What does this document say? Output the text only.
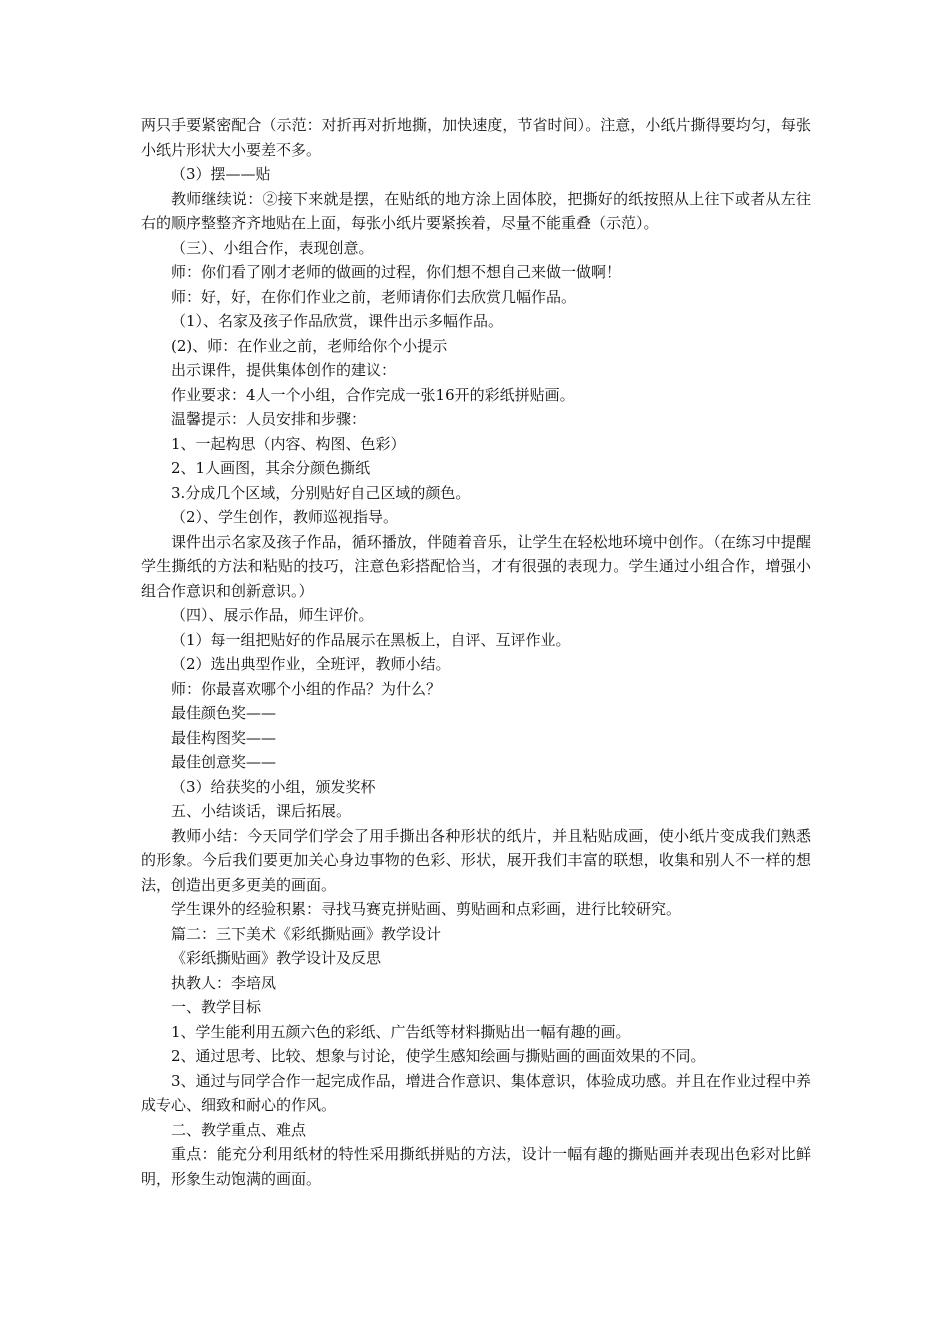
两只手要紧密配合（示范：对折再对折地撕，加快速度，节省时间）。注意，小纸片撕得要均匀，每张小纸片形状大小要差不多。

（3）摆——贴

教师继续说：②接下来就是摆，在贴纸的地方涂上固体胶，把撕好的纸按照从上往下或者从左往右的顺序整整齐齐地贴在上面，每张小纸片要紧挨着，尽量不能重叠（示范）。

（三）、小组合作，表现创意。

师：你们看了刚才老师的做画的过程，你们想不想自己来做一做啊！

师：好，好，在你们作业之前，老师请你们去欣赏几幅作品。

（1）、名家及孩子作品欣赏，课件出示多幅作品。

(2)、师：在作业之前，老师给你个小提示

出示课件，提供集体创作的建议：

作业要求：4人一个小组，合作完成一张16开的彩纸拼贴画。

温馨提示：人员安排和步骤：

1、一起构思（内容、构图、色彩）

2、1人画图，其余分颜色撕纸

3.分成几个区域，分别贴好自己区域的颜色。

（2）、学生创作，教师巡视指导。

课件出示名家及孩子作品，循环播放，伴随着音乐，让学生在轻松地环境中创作。（在练习中提醒学生撕纸的方法和粘贴的技巧，注意色彩搭配恰当，才有很强的表现力。学生通过小组合作，增强小组合作意识和创新意识。）

（四）、展示作品，师生评价。

（1）每一组把贴好的作品展示在黑板上，自评、互评作业。

（2）选出典型作业，全班评，教师小结。

师：你最喜欢哪个小组的作品？为什么？

最佳颜色奖——

最佳构图奖——

最佳创意奖——

（3）给获奖的小组，颁发奖杯

五、小结谈话，课后拓展。

教师小结：今天同学们学会了用手撕出各种形状的纸片，并且粘贴成画，使小纸片变成我们熟悉的形象。今后我们要更加关心身边事物的色彩、形状，展开我们丰富的联想，收集和别人不一样的想法，创造出更多更美的画面。

学生课外的经验积累：寻找马赛克拼贴画、剪贴画和点彩画，进行比较研究。

篇二：三下美术《彩纸撕贴画》教学设计

《彩纸撕贴画》教学设计及反思

执教人：李培凤

一、教学目标

1、学生能利用五颜六色的彩纸、广告纸等材料撕贴出一幅有趣的画。

2、通过思考、比较、想象与讨论，使学生感知绘画与撕贴画的画面效果的不同。

3、通过与同学合作一起完成作品，增进合作意识、集体意识，体验成功感。并且在作业过程中养成专心、细致和耐心的作风。

二、教学重点、难点

重点：能充分利用纸材的特性采用撕纸拼贴的方法，设计一幅有趣的撕贴画并表现出色彩对比鲜明，形象生动饱满的画面。
